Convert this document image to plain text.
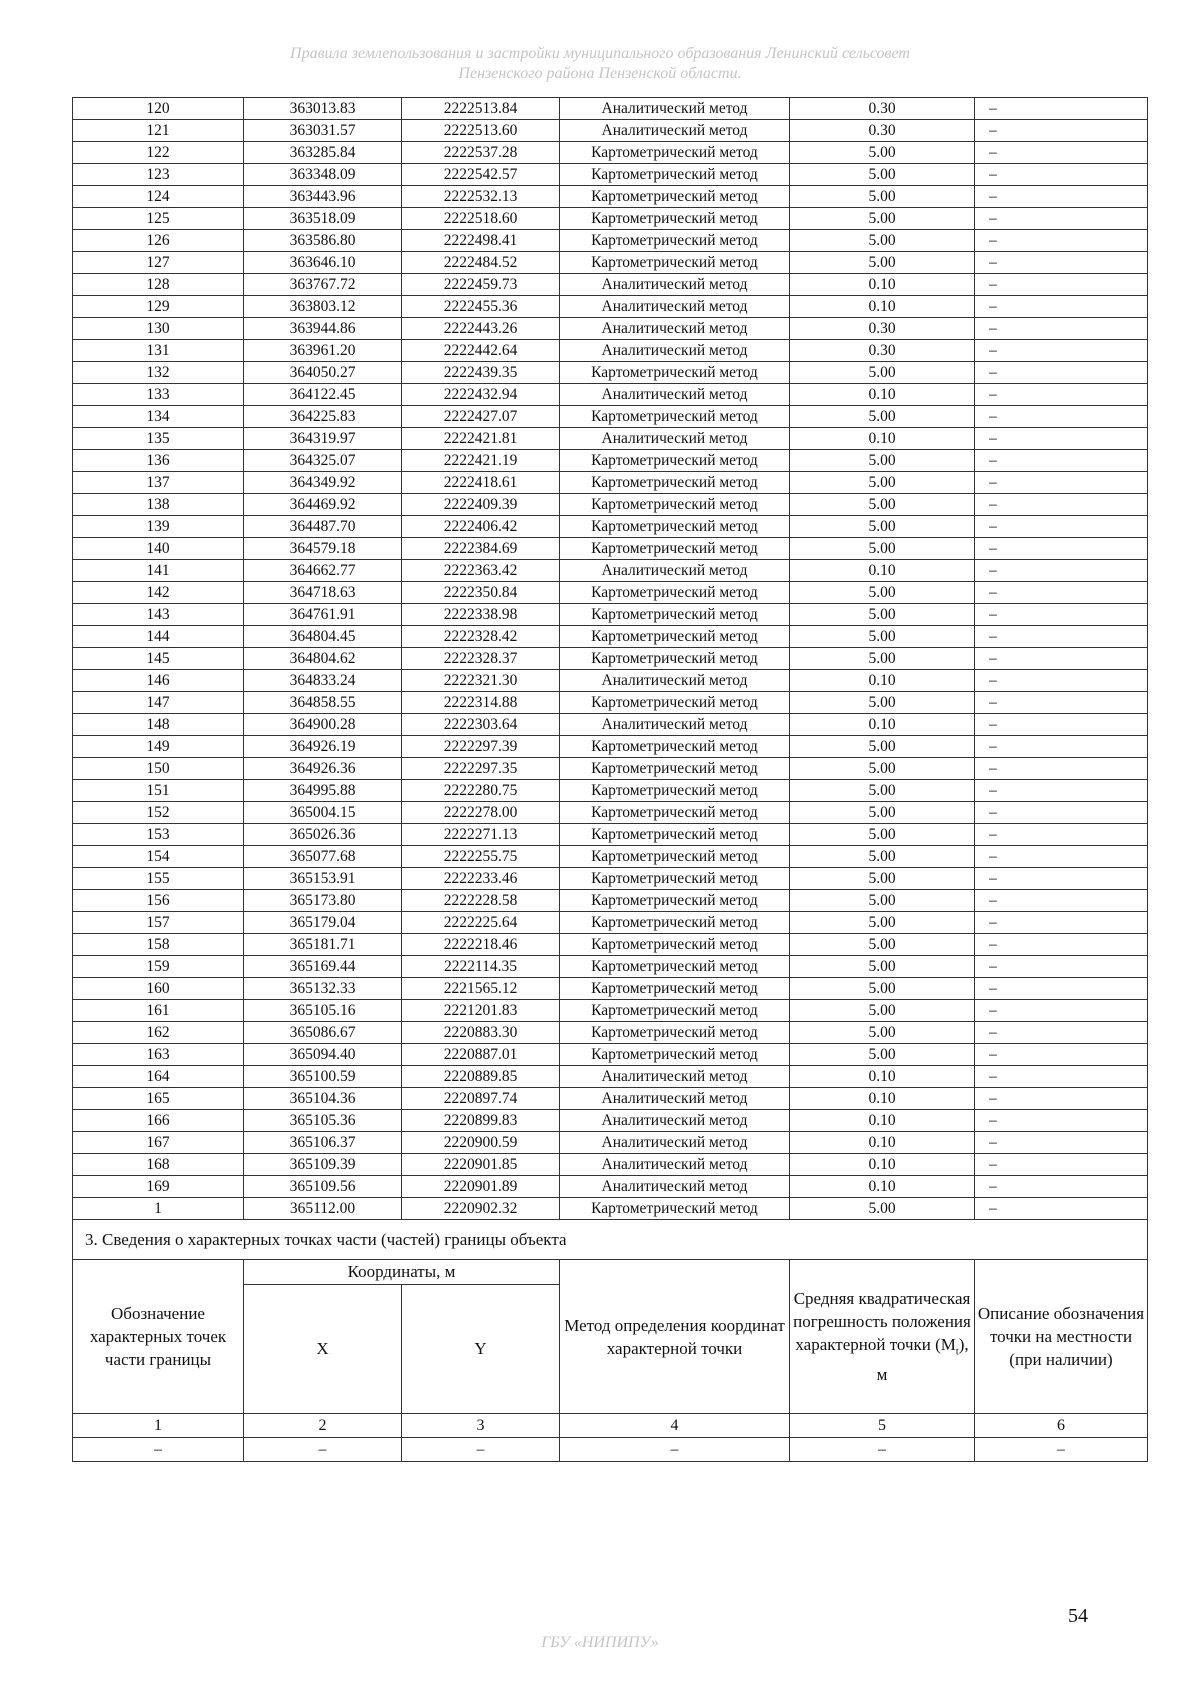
Правила землепользования и застройки муниципального образования Ленинский сельсовет
Пензенского района Пензенской области.
120	363013.83	2222513.84	Аналитический метод	0.30	–
121	363031.57	2222513.60	Аналитический метод	0.30	–
122	363285.84	2222537.28	Картометрический метод	5.00	–
123	363348.09	2222542.57	Картометрический метод	5.00	–
124	363443.96	2222532.13	Картометрический метод	5.00	–
125	363518.09	2222518.60	Картометрический метод	5.00	–
126	363586.80	2222498.41	Картометрический метод	5.00	–
127	363646.10	2222484.52	Картометрический метод	5.00	–
128	363767.72	2222459.73	Аналитический метод	0.10	–
129	363803.12	2222455.36	Аналитический метод	0.10	–
130	363944.86	2222443.26	Аналитический метод	0.30	–
131	363961.20	2222442.64	Аналитический метод	0.30	–
132	364050.27	2222439.35	Картометрический метод	5.00	–
133	364122.45	2222432.94	Аналитический метод	0.10	–
134	364225.83	2222427.07	Картометрический метод	5.00	–
135	364319.97	2222421.81	Аналитический метод	0.10	–
136	364325.07	2222421.19	Картометрический метод	5.00	–
137	364349.92	2222418.61	Картометрический метод	5.00	–
138	364469.92	2222409.39	Картометрический метод	5.00	–
139	364487.70	2222406.42	Картометрический метод	5.00	–
140	364579.18	2222384.69	Картометрический метод	5.00	–
141	364662.77	2222363.42	Аналитический метод	0.10	–
142	364718.63	2222350.84	Картометрический метод	5.00	–
143	364761.91	2222338.98	Картометрический метод	5.00	–
144	364804.45	2222328.42	Картометрический метод	5.00	–
145	364804.62	2222328.37	Картометрический метод	5.00	–
146	364833.24	2222321.30	Аналитический метод	0.10	–
147	364858.55	2222314.88	Картометрический метод	5.00	–
148	364900.28	2222303.64	Аналитический метод	0.10	–
149	364926.19	2222297.39	Картометрический метод	5.00	–
150	364926.36	2222297.35	Картометрический метод	5.00	–
151	364995.88	2222280.75	Картометрический метод	5.00	–
152	365004.15	2222278.00	Картометрический метод	5.00	–
153	365026.36	2222271.13	Картометрический метод	5.00	–
154	365077.68	2222255.75	Картометрический метод	5.00	–
155	365153.91	2222233.46	Картометрический метод	5.00	–
156	365173.80	2222228.58	Картометрический метод	5.00	–
157	365179.04	2222225.64	Картометрический метод	5.00	–
158	365181.71	2222218.46	Картометрический метод	5.00	–
159	365169.44	2222114.35	Картометрический метод	5.00	–
160	365132.33	2221565.12	Картометрический метод	5.00	–
161	365105.16	2221201.83	Картометрический метод	5.00	–
162	365086.67	2220883.30	Картометрический метод	5.00	–
163	365094.40	2220887.01	Картометрический метод	5.00	–
164	365100.59	2220889.85	Аналитический метод	0.10	–
165	365104.36	2220897.74	Аналитический метод	0.10	–
166	365105.36	2220899.83	Аналитический метод	0.10	–
167	365106.37	2220900.59	Аналитический метод	0.10	–
168	365109.39	2220901.85	Аналитический метод	0.10	–
169	365109.56	2220901.89	Аналитический метод	0.10	–
1	365112.00	2220902.32	Картометрический метод	5.00	–
3. Сведения о характерных точках части (частей) границы объекта					
Обозначение характерных точек части границы	Координаты, м		Метод определения координат характерной точки	Средняя квадратическая погрешность положения характерной точки $(M_t)$, м	Описание обозначения точки на местности (при наличии)
	X	Y			
1	2	3	4	5	6
–	–	–	–	–	–
54
ГБУ «НИПИПУ»
